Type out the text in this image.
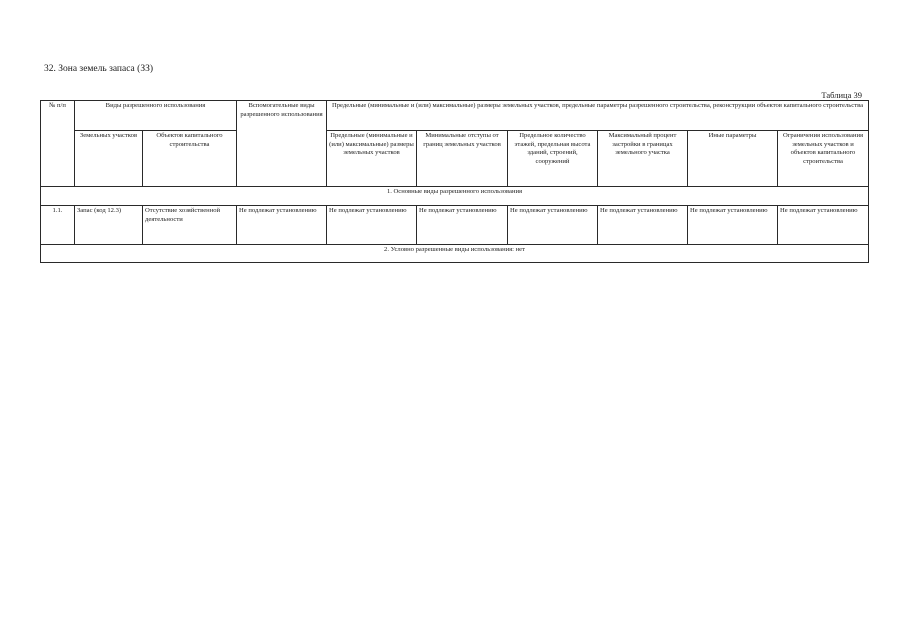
32. Зона земель запаса (ЗЗ)
Таблица 39
№ п/п	Виды разрешенного использования		Вспомогательные виды разрешенного использования	Предельные (минимальные и (или) максимальные) размеры земельных участков, предельные параметры разрешенного строительства, реконструкции объектов капитального строительства					
	Земельных участков	Объектов капитального строительства		Предельные (минимальные и (или) максимальные) размеры земельных участков	Минимальные отступы от границ земельных участков	Предельное количество этажей, предельная высота зданий, строений, сооружений	Максимальный процент застройки в границах земельного участка	Иные параметры	Ограничения использования земельных участков и объектов капитального строительства
1. Основные виды разрешенного использования									
1.1.	Запас (код 12.3)	Отсутствие хозяйственной деятельности	Не подлежат установлению	Не подлежат установлению	Не подлежат установлению	Не подлежат установлению	Не подлежат установлению	Не подлежат установлению	Не подлежат установлению
2. Условно разрешенные виды использования: нет									
